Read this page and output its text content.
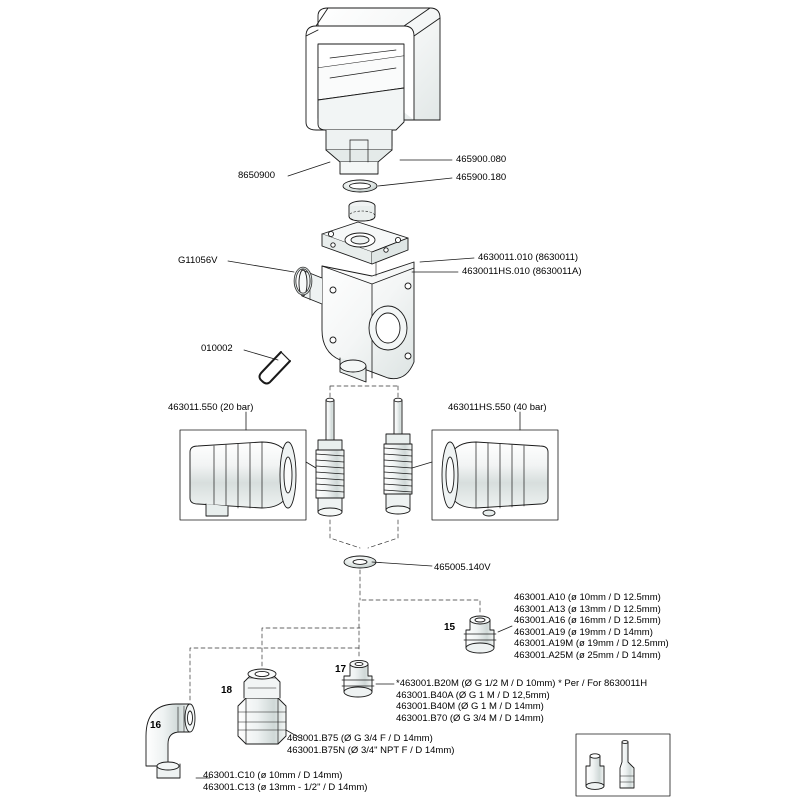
8650900
465900.080
465900.180
G11056V	4630011.010 (8630011)
4630011HS.010 (8630011A)
010002
463011.550 (20 bar)	463011HS.550 (40 bar)
465005.140V
15
16
17
18
463001.A10 (ø 10mm / D 12.5mm)
463001.A13 (ø 13mm / D 12.5mm)
463001.A16 (ø 16mm / D 12.5mm)
463001.A19 (ø 19mm / D 14mm)
463001.A19M (ø 19mm / D 12.5mm)
463001.A25M (ø 25mm / D 14mm)
*463001.B20M (Ø G 1/2 M / D 10mm) * Per / For 8630011H
463001.B40A (Ø G 1 M / D 12,5mm)
463001.B40M (Ø G 1 M / D 14mm)
463001.B70 (Ø G 3/4 M / D 14mm)
463001.B75 (Ø G 3/4 F / D 14mm)
463001.B75N (Ø 3/4" NPT F / D 14mm)
463001.C10 (ø 10mm / D 14mm)
463001.C13 (ø 13mm - 1/2" / D 14mm)
